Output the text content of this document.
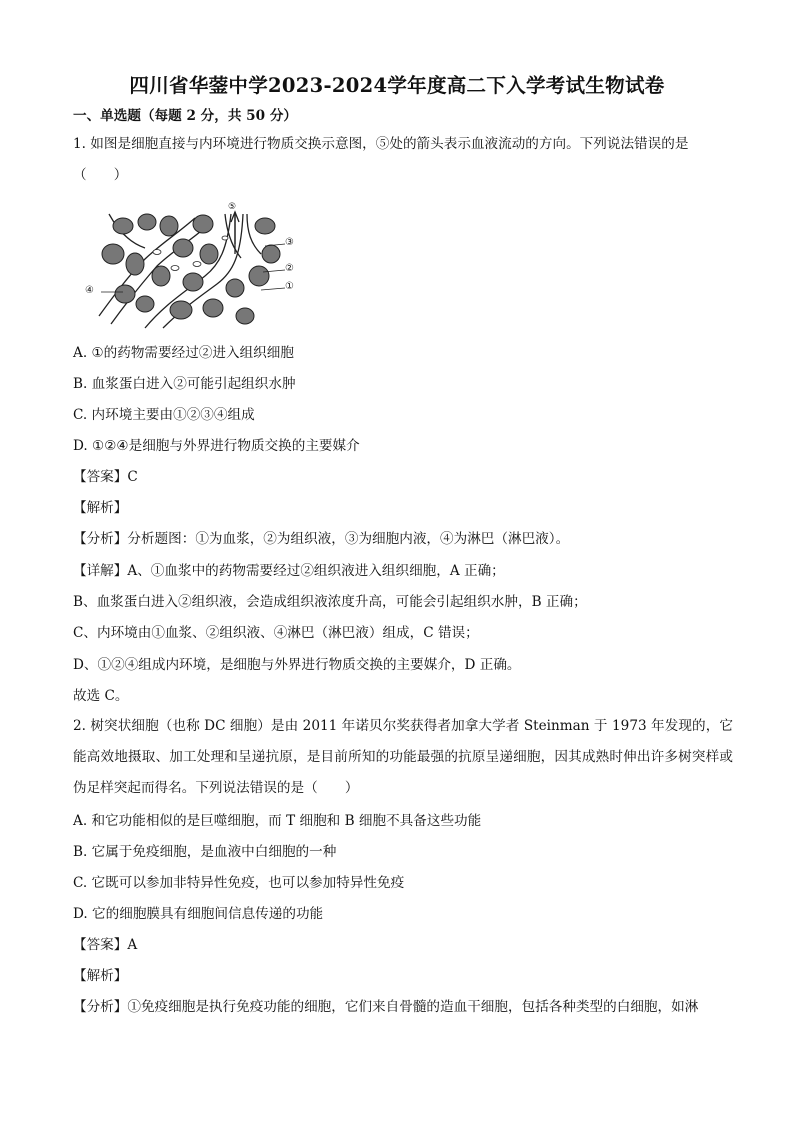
四川省华蓥中学2023-2024学年度高二下入学考试生物试卷
一、单选题（每题 2 分，共 50 分）
1. 如图是细胞直接与内环境进行物质交换示意图，⑤处的箭头表示血液流动的方向。下列说法错误的是
（　　）
⑤
③
②
①
④
A. ①的药物需要经过②进入组织细胞
B. 血浆蛋白进入②可能引起组织水肿
C. 内环境主要由①②③④组成
D. ①②④是细胞与外界进行物质交换的主要媒介
【答案】C
【解析】
【分析】分析题图：①为血浆，②为组织液，③为细胞内液，④为淋巴（淋巴液）。
【详解】A、①血浆中的药物需要经过②组织液进入组织细胞，A 正确；
B、血浆蛋白进入②组织液，会造成组织液浓度升高，可能会引起组织水肿，B 正确；
C、内环境由①血浆、②组织液、④淋巴（淋巴液）组成，C 错误；
D、①②④组成内环境，是细胞与外界进行物质交换的主要媒介，D 正确。
故选 C。
2. 树突状细胞（也称 DC 细胞）是由 2011 年诺贝尔奖获得者加拿大学者 Steinman 于 1973 年发现的，它能高效地摄取、加工处理和呈递抗原，是目前所知的功能最强的抗原呈递细胞，因其成熟时伸出许多树突样或伪足样突起而得名。下列说法错误的是（　　）
A. 和它功能相似的是巨噬细胞，而 T 细胞和 B 细胞不具备这些功能
B. 它属于免疫细胞，是血液中白细胞的一种
C. 它既可以参加非特异性免疫，也可以参加特异性免疫
D. 它的细胞膜具有细胞间信息传递的功能
【答案】A
【解析】
【分析】①免疫细胞是执行免疫功能的细胞，它们来自骨髓的造血干细胞，包括各种类型的白细胞，如淋
